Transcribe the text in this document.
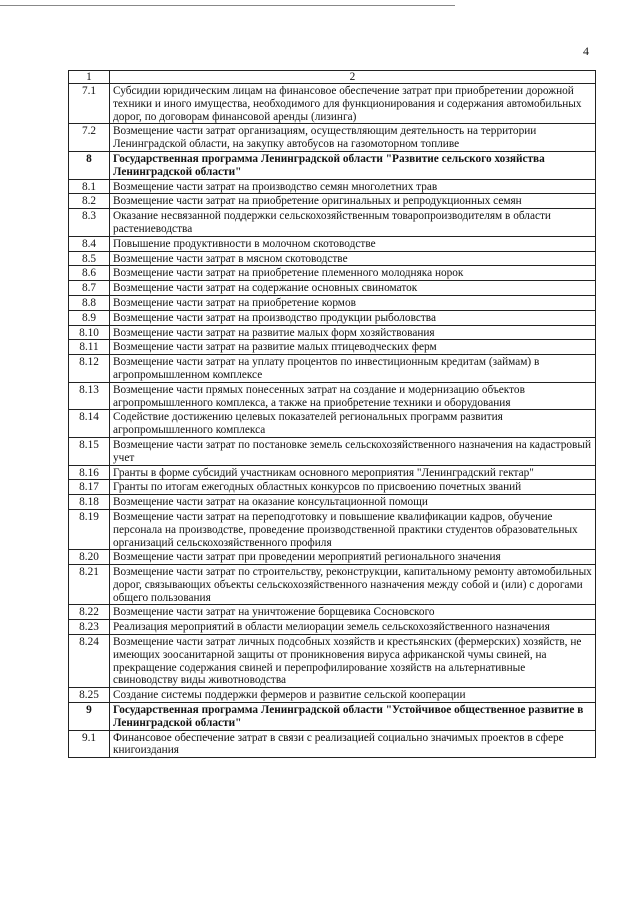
4
1	2
7.1	Субсидии юридическим лицам на финансовое обеспечение затрат при приобретении дорожной техники и иного имущества, необходимого для функционирования и содержания автомобильных дорог, по договорам финансовой аренды (лизинга)
7.2	Возмещение части затрат организациям, осуществляющим деятельность на территории Ленинградской области, на закупку автобусов на газомоторном топливе
8	Государственная программа Ленинградской области "Развитие сельского хозяйства Ленинградской области"
8.1	Возмещение части затрат на производство семян многолетних трав
8.2	Возмещение части затрат на приобретение оригинальных и репродукционных семян
8.3	Оказание несвязанной поддержки сельскохозяйственным товаропроизводителям в области растениеводства
8.4	Повышение продуктивности в молочном скотоводстве
8.5	Возмещение части затрат в мясном скотоводстве
8.6	Возмещение части затрат на приобретение племенного молодняка норок
8.7	Возмещение части затрат на содержание основных свиноматок
8.8	Возмещение части затрат на приобретение кормов
8.9	Возмещение части затрат на производство продукции рыболовства
8.10	Возмещение части затрат на развитие малых форм хозяйствования
8.11	Возмещение части затрат на развитие малых птицеводческих ферм
8.12	Возмещение части затрат на уплату процентов по инвестиционным кредитам (займам) в агропромышленном комплексе
8.13	Возмещение части прямых понесенных затрат на создание и модернизацию объектов агропромышленного комплекса, а также на приобретение техники и оборудования
8.14	Содействие достижению целевых показателей региональных программ развития агропромышленного комплекса
8.15	Возмещение части затрат по постановке земель сельскохозяйственного назначения на кадастровый учет
8.16	Гранты в форме субсидий участникам основного мероприятия "Ленинградский гектар"
8.17	Гранты по итогам ежегодных областных конкурсов по присвоению почетных званий
8.18	Возмещение части затрат на оказание консультационной помощи
8.19	Возмещение части затрат на переподготовку и повышение квалификации кадров, обучение персонала на производстве, проведение производственной практики студентов образовательных организаций сельскохозяйственного профиля
8.20	Возмещение части затрат при проведении мероприятий регионального значения
8.21	Возмещение части затрат по строительству, реконструкции, капитальному ремонту автомобильных дорог, связывающих объекты сельскохозяйственного назначения между собой и (или) с дорогами общего пользования
8.22	Возмещение части затрат на уничтожение борщевика Сосновского
8.23	Реализация мероприятий в области мелиорации земель сельскохозяйственного назначения
8.24	Возмещение части затрат личных подсобных хозяйств и крестьянских (фермерских) хозяйств, не имеющих зоосанитарной защиты от проникновения вируса африканской чумы свиней, на прекращение содержания свиней и перепрофилирование хозяйств на альтернативные свиноводству виды животноводства
8.25	Создание системы поддержки фермеров и развитие сельской кооперации
9	Государственная программа Ленинградской области "Устойчивое общественное развитие в Ленинградской области"
9.1	Финансовое обеспечение затрат в связи с реализацией социально значимых проектов в сфере книгоиздания
